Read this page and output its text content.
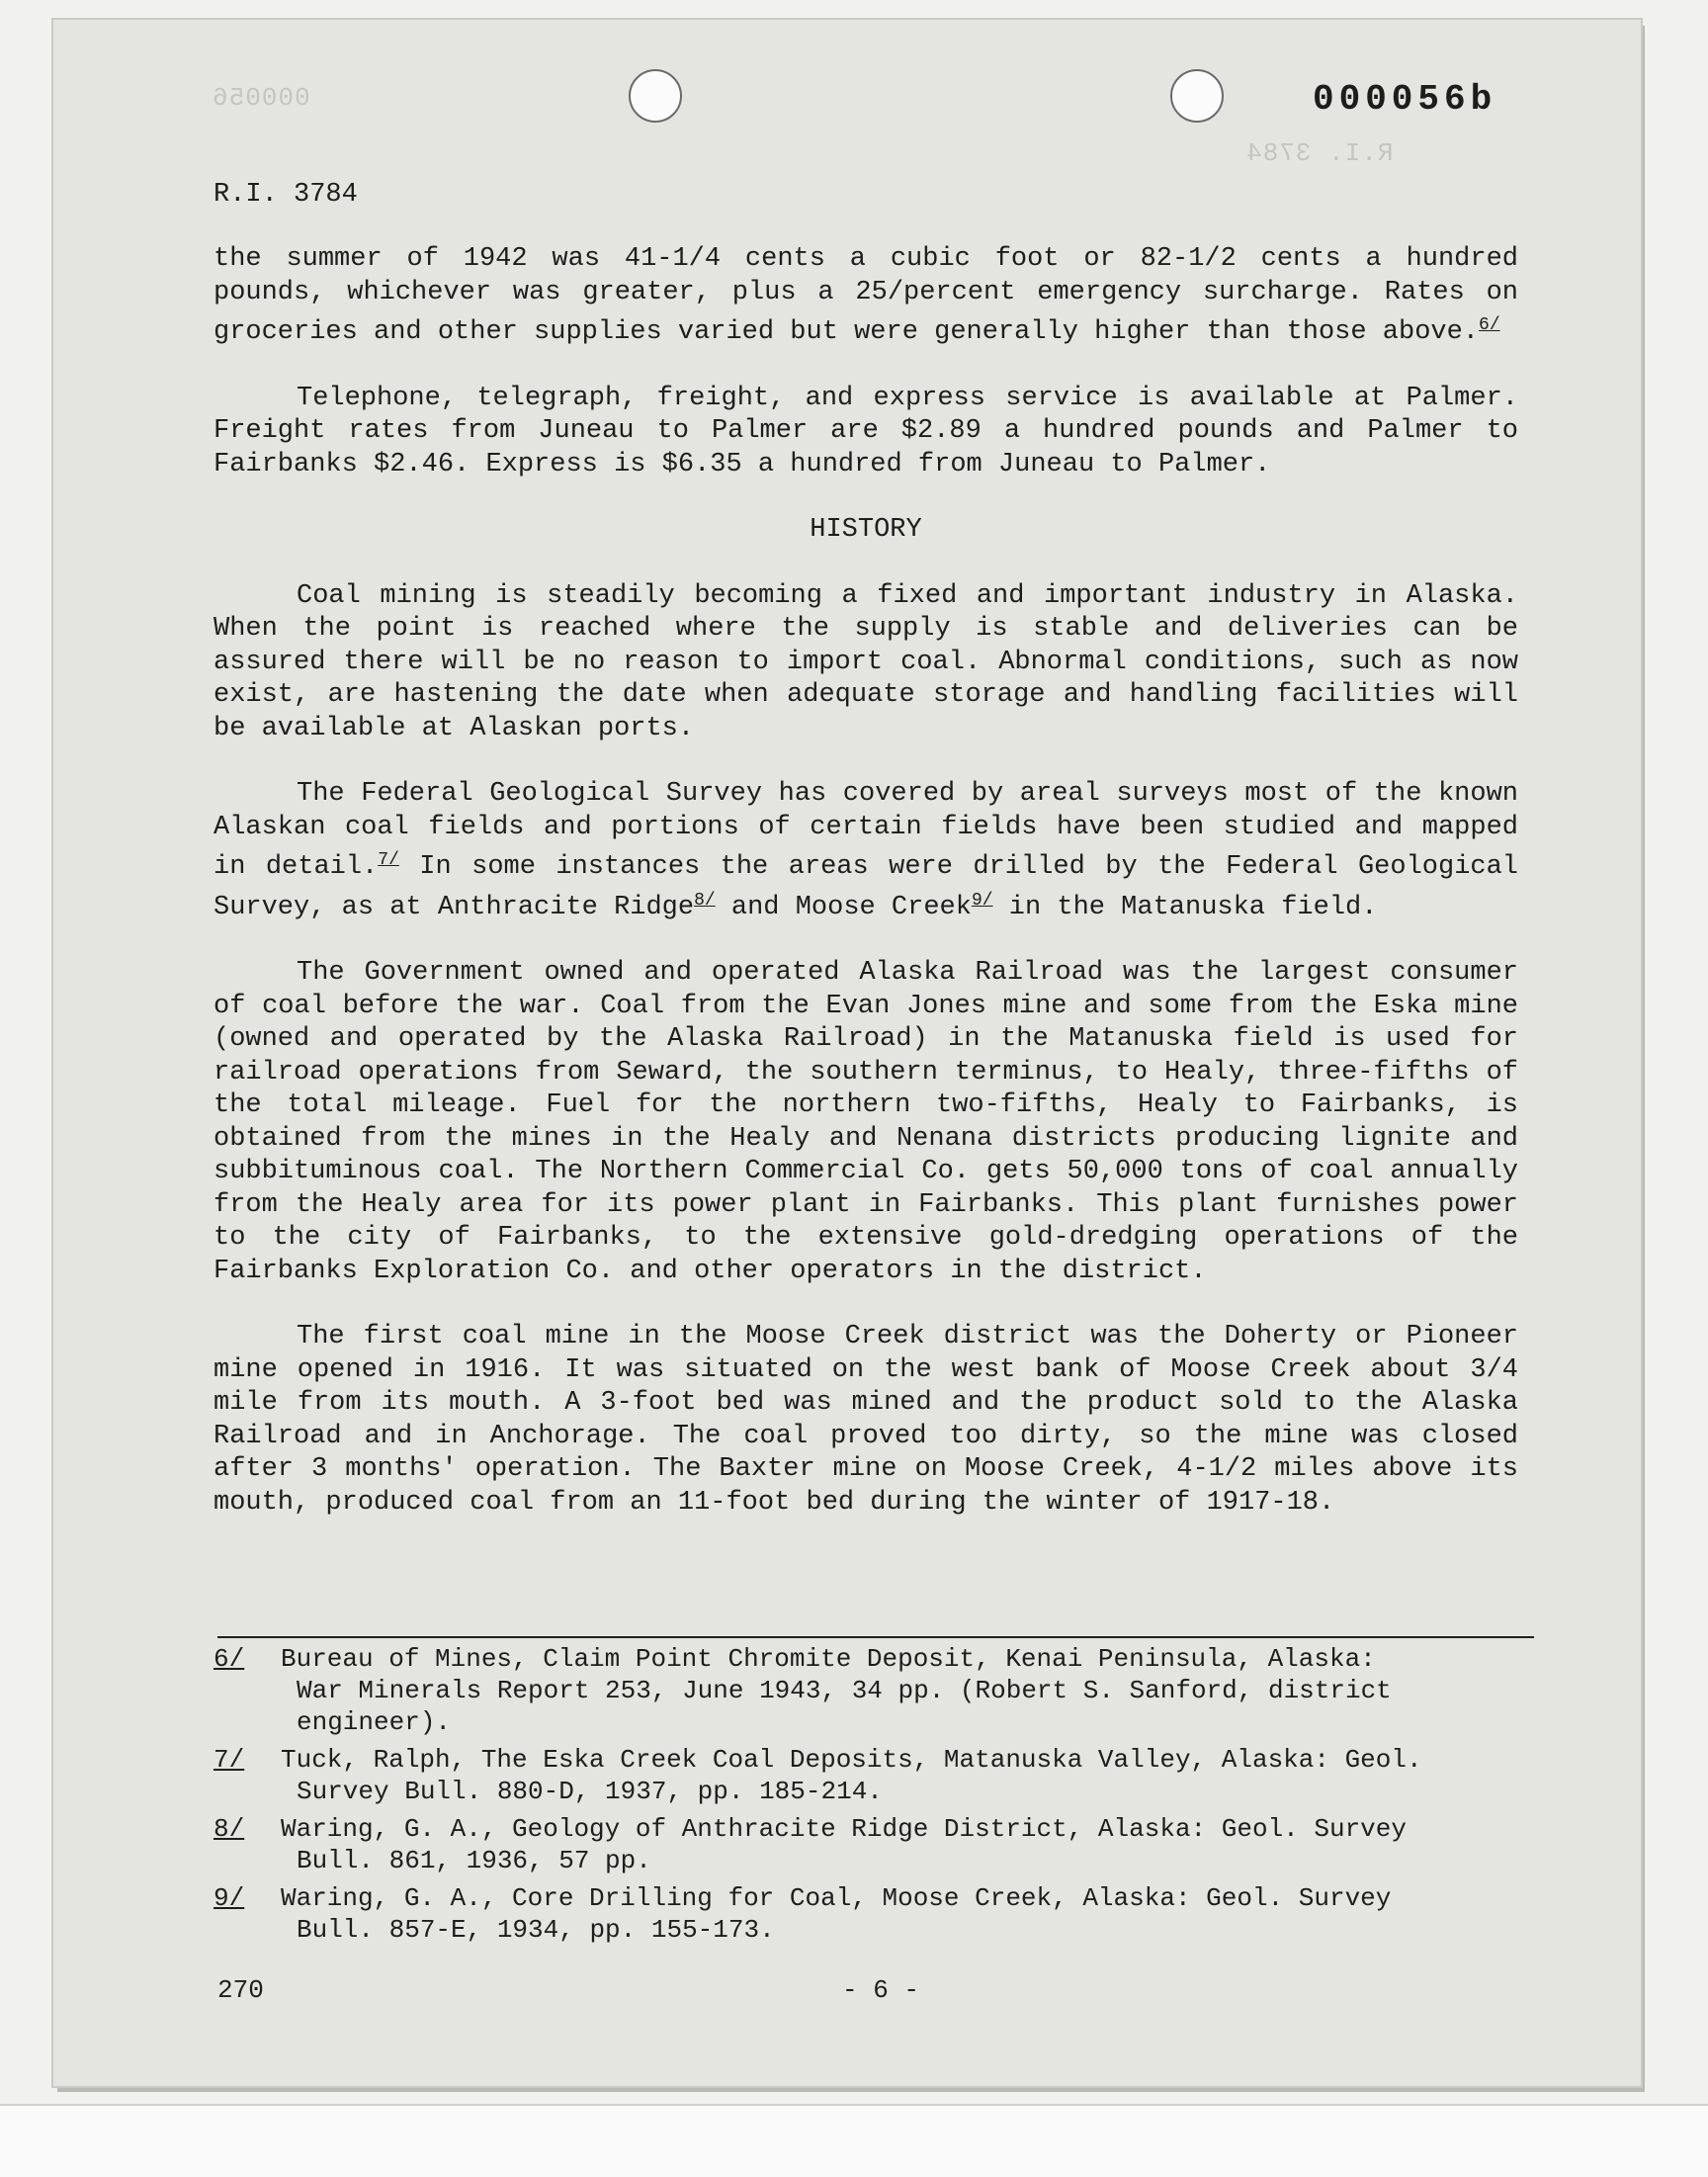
000056
R.I. 3784
000056b
R.I. 3784

the summer of 1942 was 41-1/4 cents a cubic foot or 82-1/2 cents a hundred pounds, whichever was greater, plus a 25/percent emergency surcharge. Rates on groceries and other supplies varied but were generally higher than those above.$^{6/}$

Telephone, telegraph, freight, and express service is available at Palmer. Freight rates from Juneau to Palmer are $2.89 a hundred pounds and Palmer to Fairbanks $2.46. Express is $6.35 a hundred from Juneau to Palmer.

HISTORY

Coal mining is steadily becoming a fixed and important industry in Alaska. When the point is reached where the supply is stable and deliveries can be assured there will be no reason to import coal. Abnormal conditions, such as now exist, are hastening the date when adequate storage and handling facilities will be available at Alaskan ports.

The Federal Geological Survey has covered by areal surveys most of the known Alaskan coal fields and portions of certain fields have been studied and mapped in detail.$^{7/}$ In some instances the areas were drilled by the Federal Geological Survey, as at Anthracite Ridge$^{8/}$ and Moose Creek$^{9/}$ in the Matanuska field.

The Government owned and operated Alaska Railroad was the largest consumer of coal before the war. Coal from the Evan Jones mine and some from the Eska mine (owned and operated by the Alaska Railroad) in the Matanuska field is used for railroad operations from Seward, the southern terminus, to Healy, three-fifths of the total mileage. Fuel for the northern two-fifths, Healy to Fairbanks, is obtained from the mines in the Healy and Nenana districts producing lignite and subbituminous coal. The Northern Commercial Co. gets 50,000 tons of coal annually from the Healy area for its power plant in Fairbanks. This plant furnishes power to the city of Fairbanks, to the extensive gold-dredging operations of the Fairbanks Exploration Co. and other operators in the district.

The first coal mine in the Moose Creek district was the Doherty or Pioneer mine opened in 1916. It was situated on the west bank of Moose Creek about 3/4 mile from its mouth. A 3-foot bed was mined and the product sold to the Alaska Railroad and in Anchorage. The coal proved too dirty, so the mine was closed after 3 months' operation. The Baxter mine on Moose Creek, 4-1/2 miles above its mouth, produced coal from an 11-foot bed during the winter of 1917-18.

6/	Bureau of Mines, Claim Point Chromite Deposit, Kenai Peninsula, Alaska:
War Minerals Report 253, June 1943, 34 pp. (Robert S. Sanford, district
engineer).
7/	Tuck, Ralph, The Eska Creek Coal Deposits, Matanuska Valley, Alaska: Geol.
Survey Bull. 880-D, 1937, pp. 185-214.
8/	Waring, G. A., Geology of Anthracite Ridge District, Alaska: Geol. Survey
Bull. 861, 1936, 57 pp.
9/	Waring, G. A., Core Drilling for Coal, Moose Creek, Alaska: Geol. Survey
Bull. 857-E, 1934, pp. 155-173.
270	- 6 -
